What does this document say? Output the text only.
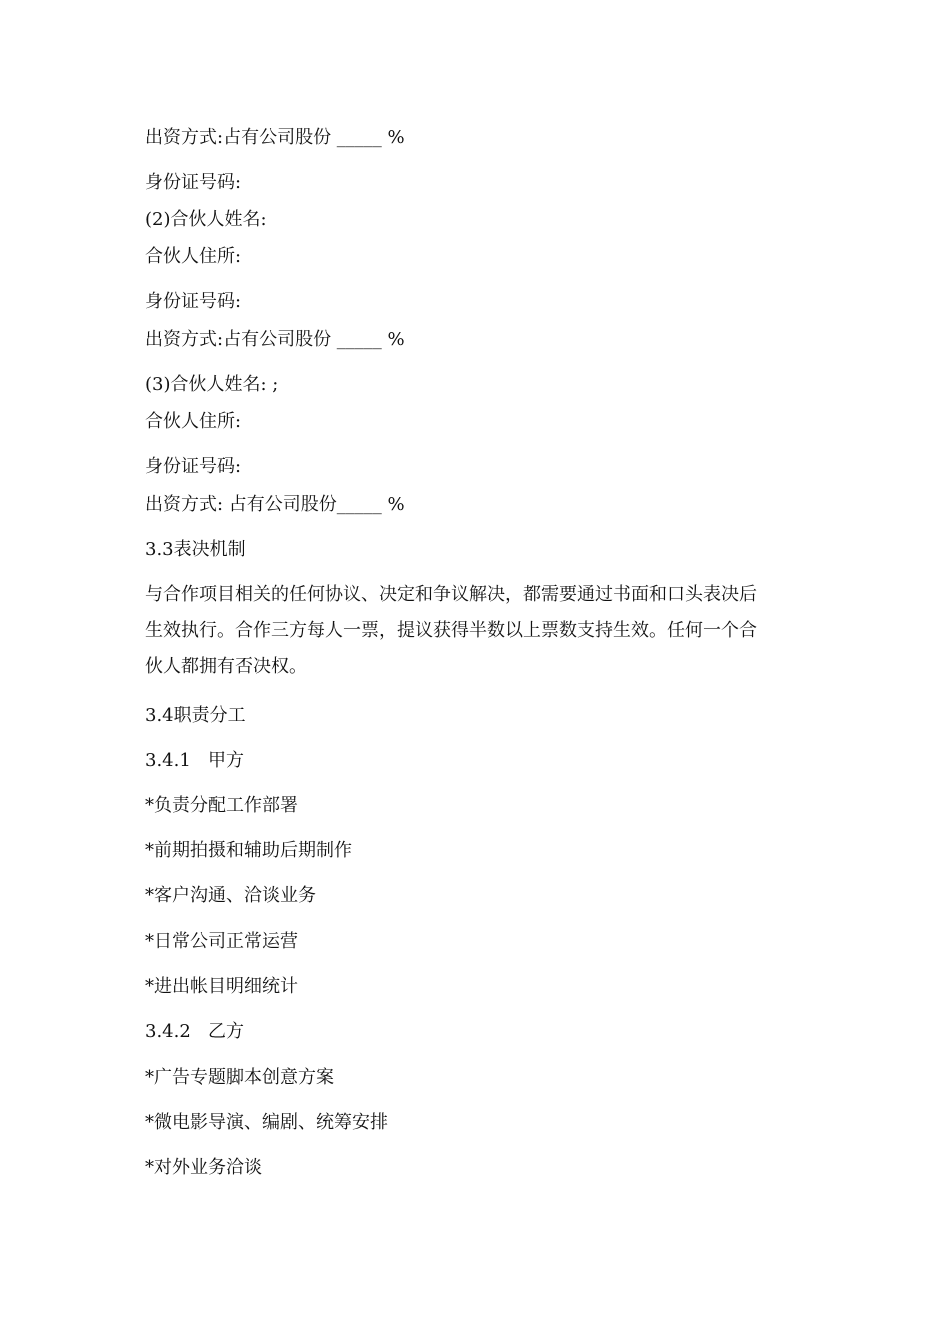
出资方式:占有公司股份 _____ %
身份证号码:
(2)合伙人姓名:
合伙人住所:
身份证号码:
出资方式:占有公司股份 _____ %
(3)合伙人姓名: ;
合伙人住所:
身份证号码:
出资方式: 占有公司股份_____ %
3.3表决机制
与合作项目相关的任何协议、决定和争议解决，都需要通过书面和口头表决后
生效执行。合作三方每人一票，提议获得半数以上票数支持生效。任何一个合
伙人都拥有否决权。
3.4职责分工
3.4.1   甲方
*负责分配工作部署
*前期拍摄和辅助后期制作
*客户沟通、洽谈业务
*日常公司正常运营
*进出帐目明细统计
3.4.2   乙方
*广告专题脚本创意方案
*微电影导演、编剧、统筹安排
*对外业务洽谈
